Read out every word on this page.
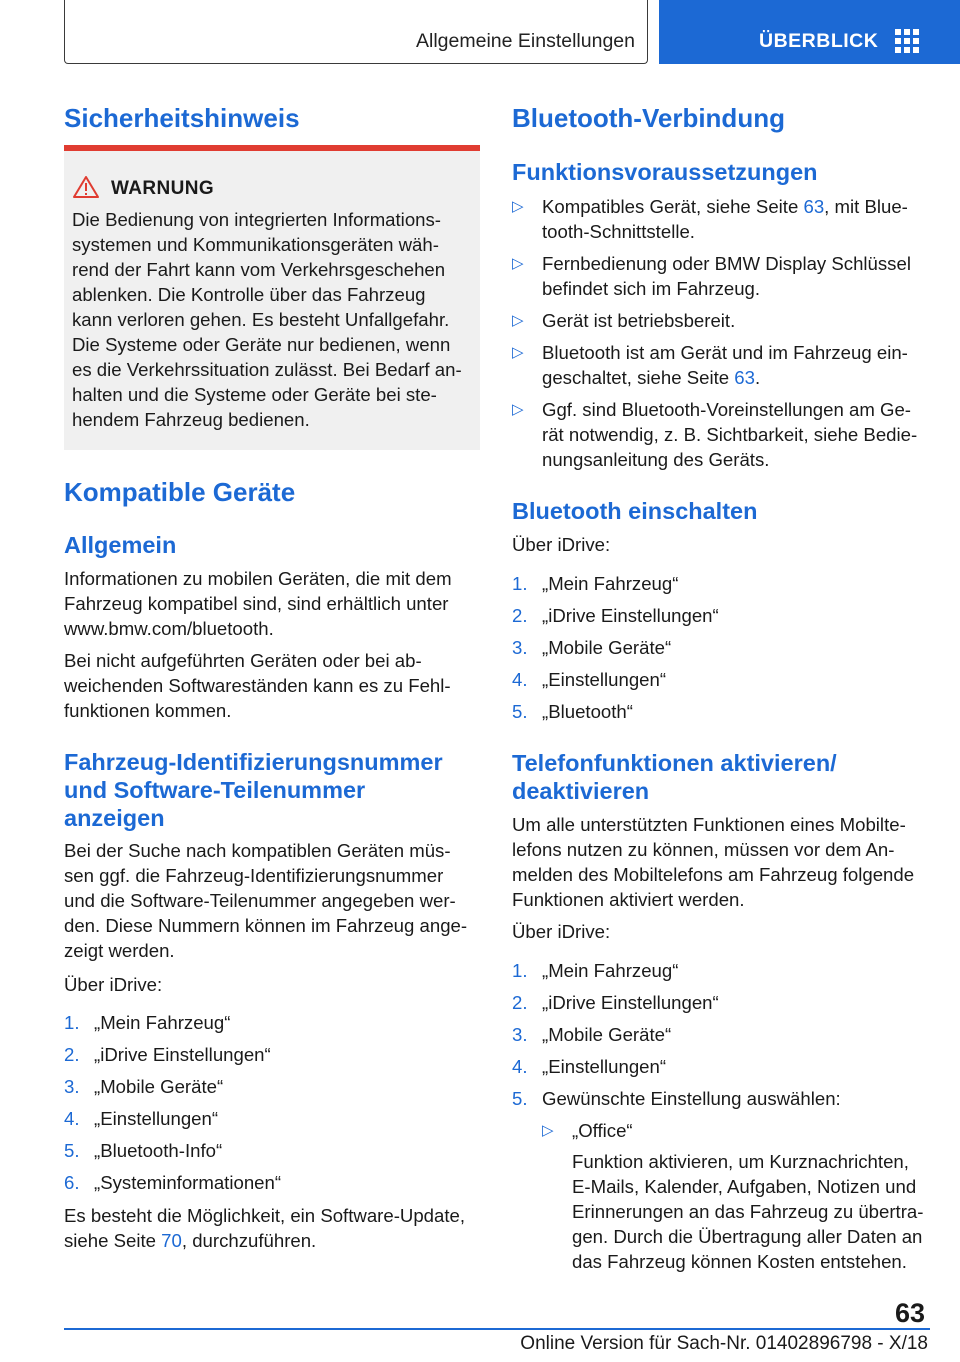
Allgemeine Einstellungen	ÜBERBLICK
Sicherheitshinweis
WARNUNG
Die Bedienung von integrierten Informations‐
systemen und Kommunikationsgeräten wäh‐
rend der Fahrt kann vom Verkehrsgeschehen
ablenken. Die Kontrolle über das Fahrzeug
kann verloren gehen. Es besteht Unfallgefahr.
Die Systeme oder Geräte nur bedienen, wenn
es die Verkehrssituation zulässt. Bei Bedarf an‐
halten und die Systeme oder Geräte bei ste‐
hendem Fahrzeug bedienen.
Kompatible Geräte
Allgemein
Informationen zu mobilen Geräten, die mit dem
Fahrzeug kompatibel sind, sind erhältlich unter
www.bmw.com/bluetooth.
Bei nicht aufgeführten Geräten oder bei ab‐
weichenden Softwareständen kann es zu Fehl‐
funktionen kommen.
Fahrzeug-Identifizierungsnummer
und Software-Teilenummer
anzeigen
Bei der Suche nach kompatiblen Geräten müs‐
sen ggf. die Fahrzeug-Identifizierungsnummer
und die Software-Teilenummer angegeben wer‐
den. Diese Nummern können im Fahrzeug ange‐
zeigt werden.
Über iDrive:
1. „Mein Fahrzeug“
2. „iDrive Einstellungen“
3. „Mobile Geräte“
4. „Einstellungen“
5. „Bluetooth-Info“
6. „Systeminformationen“
Es besteht die Möglichkeit, ein Software-Update,
siehe Seite 70, durchzuführen.
Bluetooth-Verbindung
Funktionsvoraussetzungen
▷ Kompatibles Gerät, siehe Seite 63, mit Blue‐
tooth-Schnittstelle.
▷ Fernbedienung oder BMW Display Schlüssel
befindet sich im Fahrzeug.
▷ Gerät ist betriebsbereit.
▷ Bluetooth ist am Gerät und im Fahrzeug ein‐
geschaltet, siehe Seite 63.
▷ Ggf. sind Bluetooth-Voreinstellungen am Ge‐
rät notwendig, z. B. Sichtbarkeit, siehe Bedie‐
nungsanleitung des Geräts.
Bluetooth einschalten
Über iDrive:
1. „Mein Fahrzeug“
2. „iDrive Einstellungen“
3. „Mobile Geräte“
4. „Einstellungen“
5. „Bluetooth“
Telefonfunktionen aktivieren/
deaktivieren
Um alle unterstützten Funktionen eines Mobilte‐
lefons nutzen zu können, müssen vor dem An‐
melden des Mobiltelefons am Fahrzeug folgende
Funktionen aktiviert werden.
Über iDrive:
1. „Mein Fahrzeug“
2. „iDrive Einstellungen“
3. „Mobile Geräte“
4. „Einstellungen“
5. Gewünschte Einstellung auswählen:
▷ „Office“
Funktion aktivieren, um Kurznachrichten,
E-Mails, Kalender, Aufgaben, Notizen und
Erinnerungen an das Fahrzeug zu übertra‐
gen. Durch die Übertragung aller Daten an
das Fahrzeug können Kosten entstehen.
63
Online Version für Sach-Nr. 01402896798 - X/18
